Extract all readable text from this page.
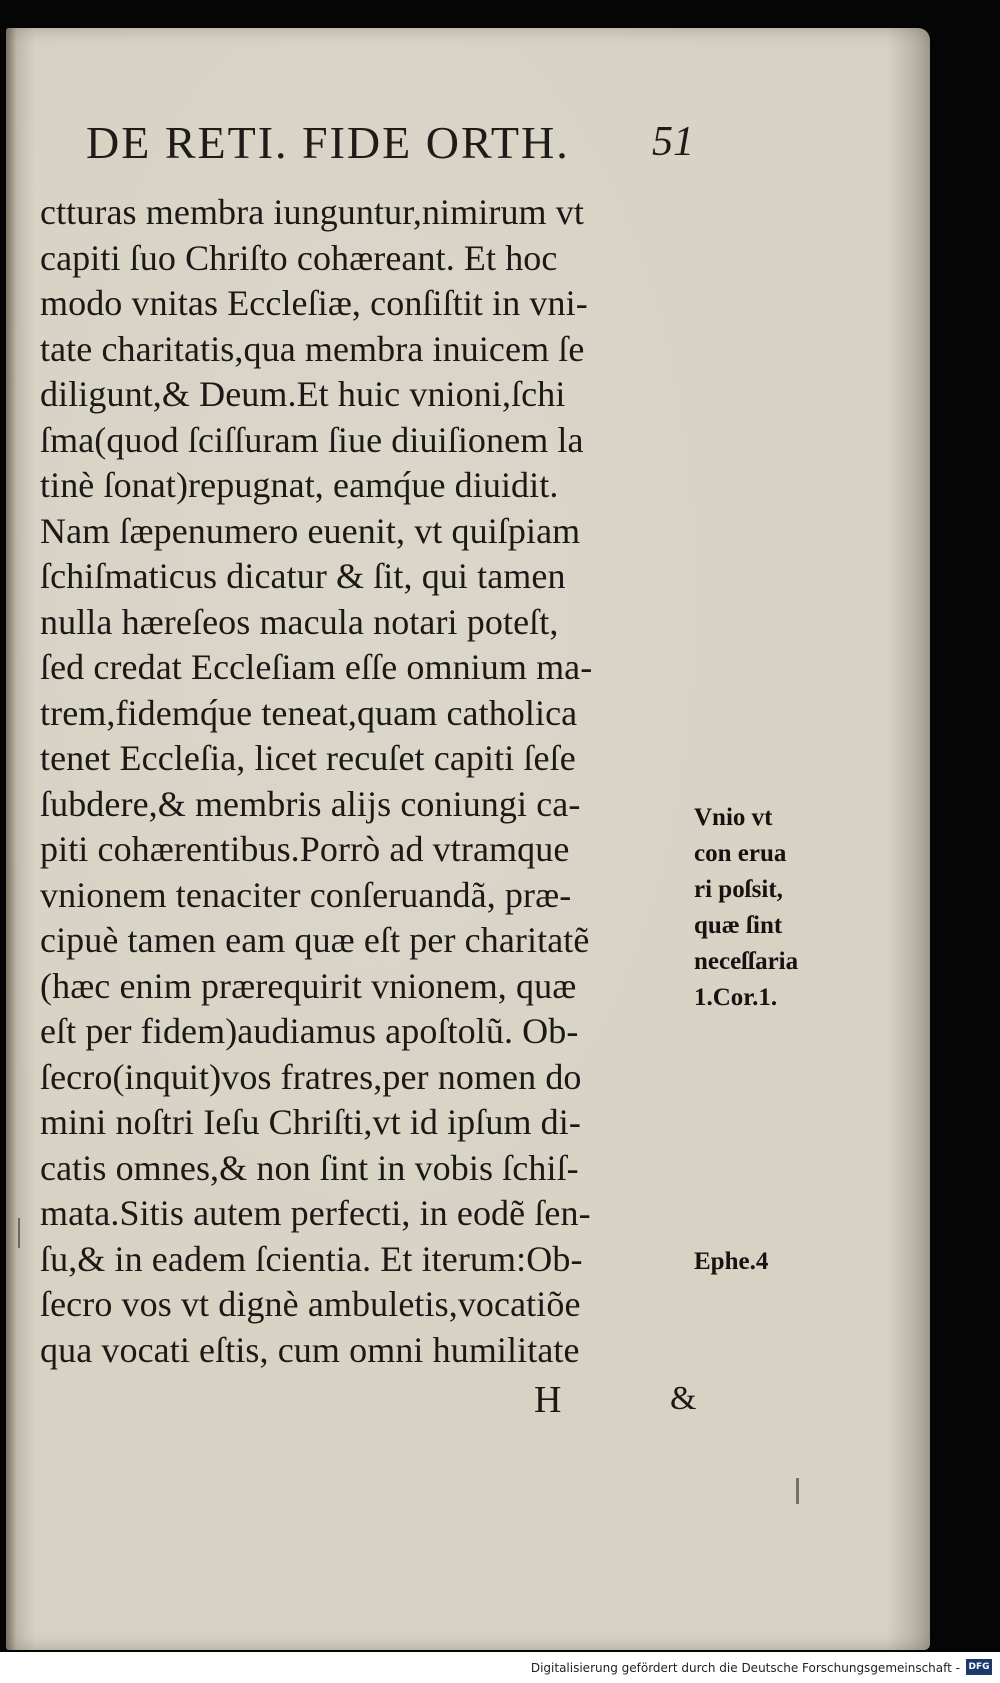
DE RETI. FIDE ORTH. 51
ctturas membra iunguntur,nimirum vt
capiti ſuo Chriſto cohæreant. Et hoc
modo vnitas Eccleſiæ, conſiſtit in vni-
tate charitatis,qua membra inuicem ſe
diligunt,& Deum.Et huic vnioni,ſchi
ſma(quod ſciſſuram ſiue diuiſionem la
tinè ſonat)repugnat, eamq́ue diuidit.
Nam ſæpenumero euenit, vt quiſpiam
ſchiſmaticus dicatur & ſit, qui tamen
nulla hæreſeos macula notari poteſt,
ſed credat Eccleſiam eſſe omnium ma-
trem,fidemq́ue teneat,quam catholica
tenet Eccleſia, licet recuſet capiti ſeſe
ſubdere,& membris alijs coniungi ca-
piti cohærentibus.Porrò ad vtramque
vnionem tenaciter conſeruandã, præ-
cipuè tamen eam quæ eſt per charitatẽ
(hæc enim prærequirit vnionem, quæ
eſt per fidem)audiamus apoſtolũ. Ob-
ſecro(inquit)vos fratres,per nomen do
mini noſtri Ieſu Chriſti,vt id ipſum di-
catis omnes,& non ſint in vobis ſchiſ-
mata.Sitis autem perfecti, in eodẽ ſen-
ſu,& in eadem ſcientia. Et iterum:Ob-
ſecro vos vt dignè ambuletis,vocatiõe
qua vocati eſtis, cum omni humilitate
Vnio vt
con eruа
ri poſsit,
quæ ſint
neceſſaria
1.Cor.1.
Ephe.4
H	&
Digitalisierung gefördert durch die Deutsche Forschungsgemeinschaft - DFG
